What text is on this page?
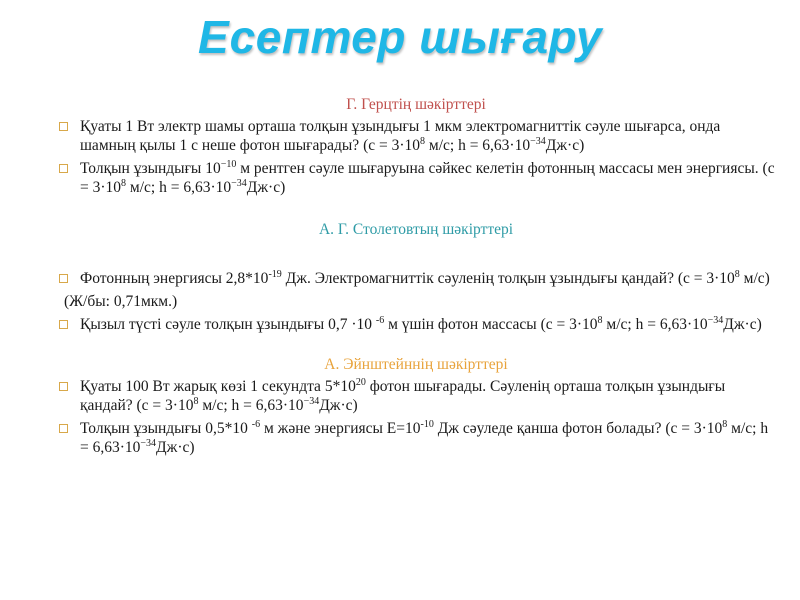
Есептер шығару
Г. Герцтің шәкірттері
Қуаты 1 Вт электр шамы орташа толқын ұзындығы 1 мкм электромагниттік сәуле шығарса, онда шамның қылы 1 с неше фотон шығарады? ($c = 3\cdot 10^8$ м/с; $h = 6,63\cdot 10^{-34}Дж\cdot с$)
Толқын ұзындығы $10^{-10}$ м рентген сәуле шығаруына сәйкес келетін фотонның массасы мен энергиясы. ($c = 3\cdot 10^8$ м/с; $h = 6,63\cdot 10^{-34}Дж\cdot с$)
А. Г. Столетовтың шәкірттері
Фотонның энергиясы $2,8*10^{-19}$ Дж. Электромагниттік сәуленің толқын ұзындығы қандай? ($c = 3\cdot 10^8$ м/с)
(Ж/бы: 0,71мкм.)
Қызыл түсті сәуле толқын ұзындығы 0,7 ·10 $^{-6}$ м үшін фотон массасы ($c = 3\cdot 10^8$ м/с; $h = 6,63\cdot 10^{-34}Дж\cdot с$)
А. Эйнштейннің шәкірттері
Қуаты 100 Вт жарық көзі 1 секундта $5*10^{20}$ фотон шығарады. Сәуленің орташа толқын ұзындығы қандай? ($c = 3\cdot 10^8$ м/с; $h = 6,63\cdot 10^{-34}Дж\cdot с$)
Толқын ұзындығы 0,5*10 $^{-6}$ м және энергиясы $E=10^{-10}$ Дж сәуледе қанша фотон болады? ($c = 3\cdot 10^8$ м/с; $h = 6,63\cdot 10^{-34}Дж\cdot с$)
